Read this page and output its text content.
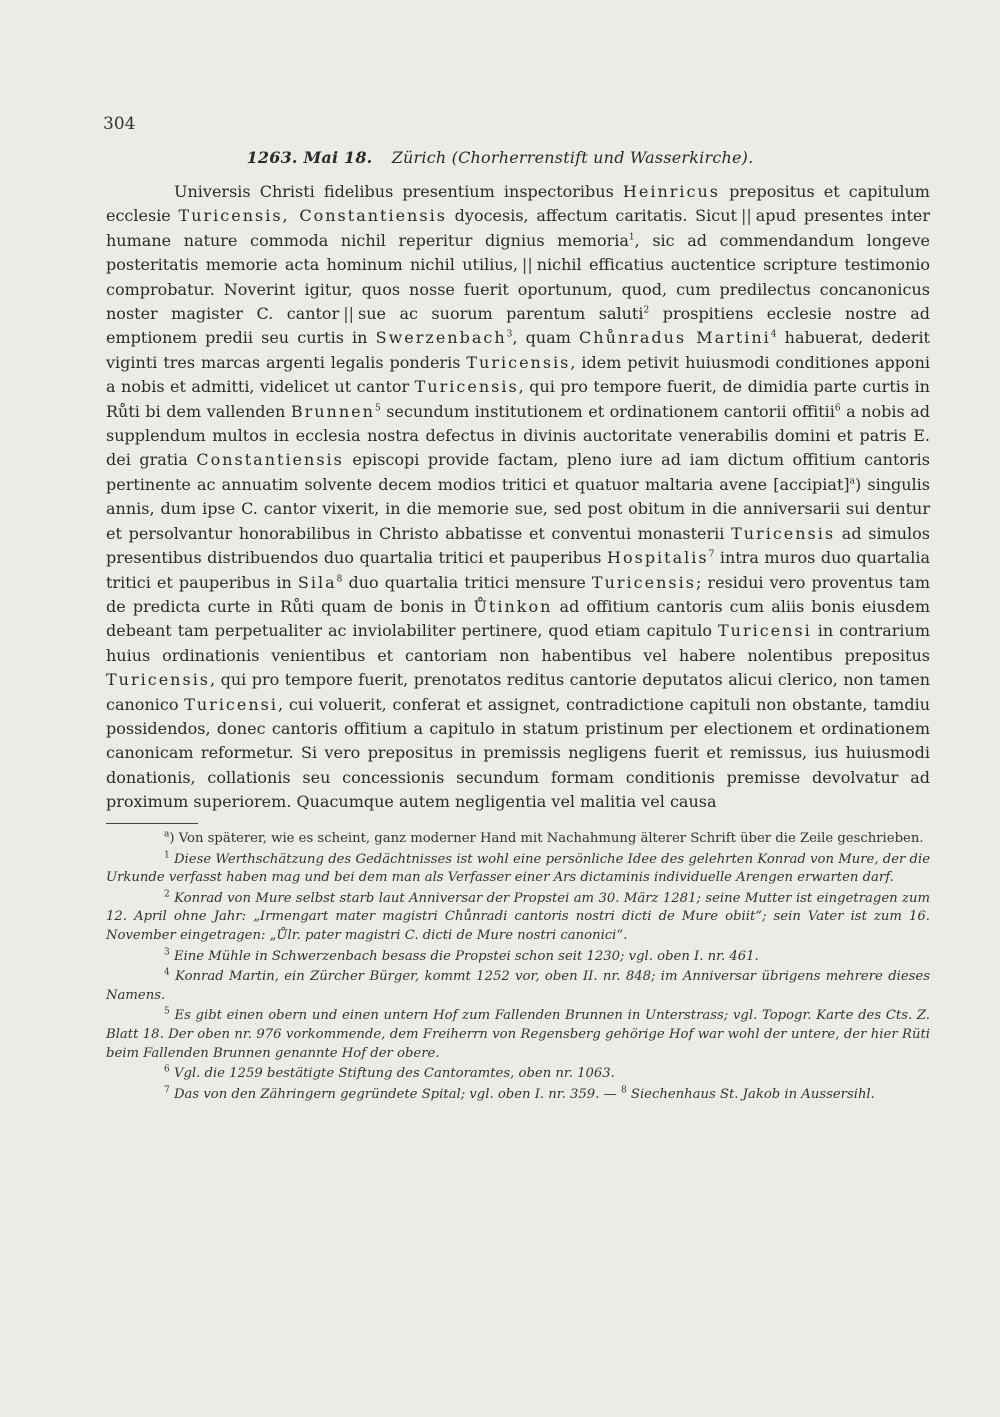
304
1263. Mai 18. Zürich (Chorherrenstift und Wasserkirche).

Universis Christi fidelibus presentium inspectoribus Heinricus prepositus et capitulum ecclesie Turicensis, Constantiensis dyocesis, affectum caritatis. Sicut || apud presentes inter humane nature commoda nichil reperitur dignius memoria$^1$, sic ad commendandum longeve posteritatis memorie acta hominum nichil utilius, || nichil efficatius auctentice scripture testimonio comprobatur. Noverint igitur, quos nosse fuerit oportunum, quod, cum predilectus concanonicus noster magister C. cantor || sue ac suorum parentum saluti$^2$ prospitiens ecclesie nostre ad emptionem predii seu curtis in Swerzenbach$^3$, quam Chůnradus Martini$^4$ habuerat, dederit viginti tres marcas argenti legalis ponderis Turicensis, idem petivit huiusmodi conditiones apponi a nobis et admitti, videlicet ut cantor Turicensis, qui pro tempore fuerit, de dimidia parte curtis in Růti bi dem vallenden Brunnen$^5$ secundum institutionem et ordinationem cantorii offitii$^6$ a nobis ad supplendum multos in ecclesia nostra defectus in divinis auctoritate venerabilis domini et patris E. dei gratia Constantiensis episcopi provide factam, pleno iure ad iam dictum offitium cantoris pertinente ac annuatim solvente decem modios tritici et quatuor maltaria avene [accipiat]$^a$) singulis annis, dum ipse C. cantor vixerit, in die memorie sue, sed post obitum in die anniversarii sui dentur et persolvantur honorabilibus in Christo abbatisse et conventui monasterii Turicensis ad simulos presentibus distribuendos duo quartalia tritici et pauperibus Hospitalis$^7$ intra muros duo quartalia tritici et pauperibus in Sila$^8$ duo quartalia tritici mensure Turicensis; residui vero proventus tam de predicta curte in Růti quam de bonis in Ůtinkon ad offitium cantoris cum aliis bonis eiusdem debeant tam perpetualiter ac inviolabiliter pertinere, quod etiam capitulo Turicensi in contrarium huius ordinationis venientibus et cantoriam non habentibus vel habere nolentibus prepositus Turicensis, qui pro tempore fuerit, prenotatos reditus cantorie deputatos alicui clerico, non tamen canonico Turicensi, cui voluerit, conferat et assignet, contradictione capituli non obstante, tamdiu possidendos, donec cantoris offitium a capitulo in statum pristinum per electionem et ordinationem canonicam reformetur. Si vero prepositus in premissis negligens fuerit et remissus, ius huiusmodi donationis, collationis seu concessionis secundum formam conditionis premisse devolvatur ad proximum superiorem. Quacumque autem negligentia vel malitia vel causa

$^a$) Von späterer, wie es scheint, ganz moderner Hand mit Nachahmung älterer Schrift über die Zeile geschrieben.

$^1$ Diese Werthschätzung des Gedächtnisses ist wohl eine persönliche Idee des gelehrten Konrad von Mure, der die Urkunde verfasst haben mag und bei dem man als Verfasser einer Ars dictaminis individuelle Arengen erwarten darf.

$^2$ Konrad von Mure selbst starb laut Anniversar der Propstei am 30. März 1281; seine Mutter ist eingetragen zum 12. April ohne Jahr: „Irmengart mater magistri Chůnradi cantoris nostri dicti de Mure obiit“; sein Vater ist zum 16. November eingetragen: „Ůlr. pater magistri C. dicti de Mure nostri canonici“.

$^3$ Eine Mühle in Schwerzenbach besass die Propstei schon seit 1230; vgl. oben I. nr. 461.

$^4$ Konrad Martin, ein Zürcher Bürger, kommt 1252 vor, oben II. nr. 848; im Anniversar übrigens mehrere dieses Namens.

$^5$ Es gibt einen obern und einen untern Hof zum Fallenden Brunnen in Unterstrass; vgl. Topogr. Karte des Cts. Z. Blatt 18. Der oben nr. 976 vorkommende, dem Freiherrn von Regensberg gehörige Hof war wohl der untere, der hier Rüti beim Fallenden Brunnen genannte Hof der obere.

$^6$ Vgl. die 1259 bestätigte Stiftung des Cantoramtes, oben nr. 1063.

$^7$ Das von den Zähringern gegründete Spital; vgl. oben I. nr. 359. — $^8$ Siechenhaus St. Jakob in Aussersihl.
